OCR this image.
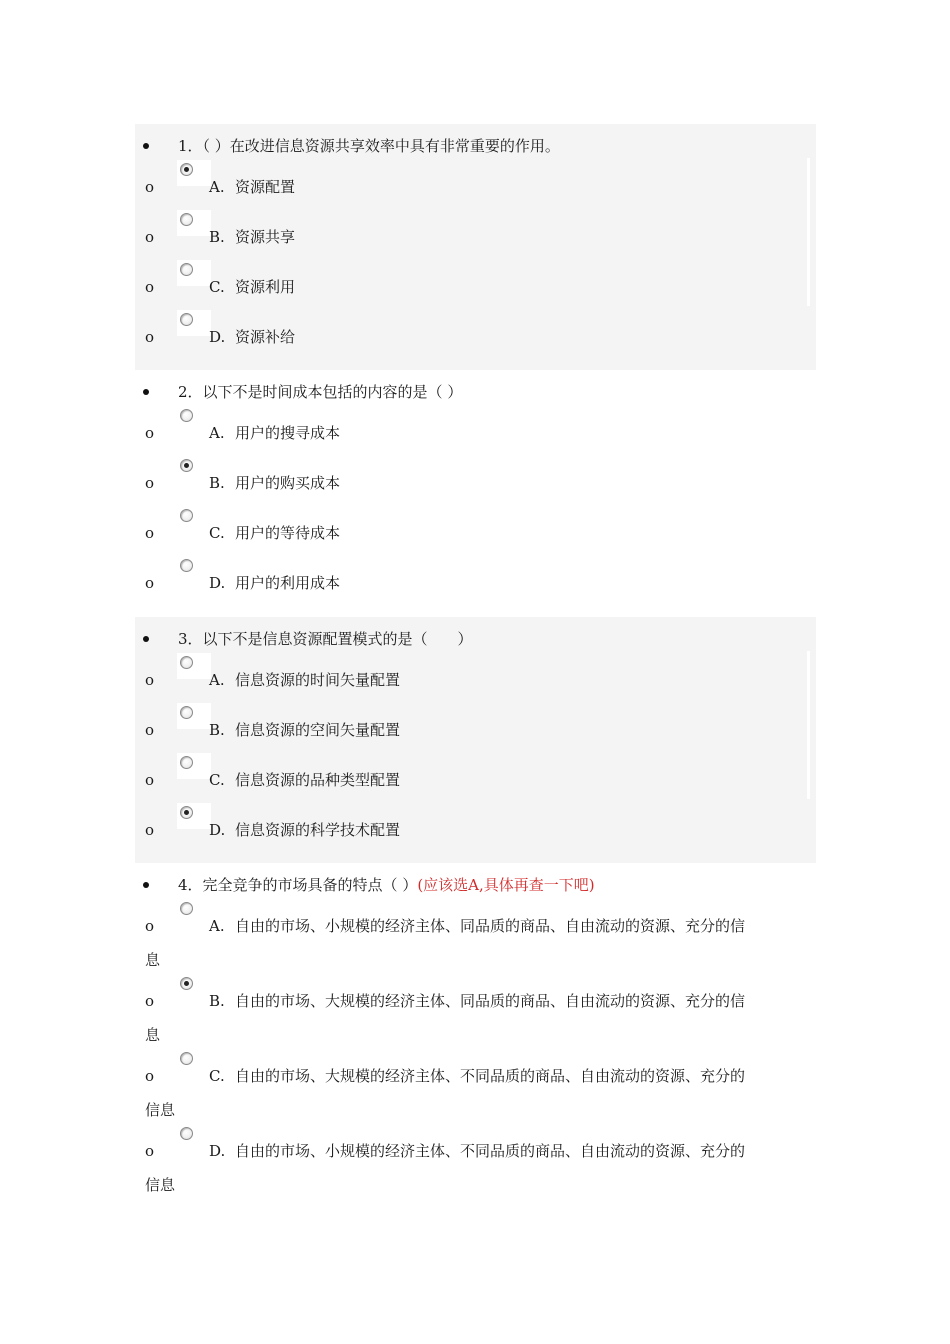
1．（ ）在改进信息资源共享效率中具有非常重要的作用。
o	A. 资源配置
o	B. 资源共享
o	C. 资源利用
o	D. 资源补给
2．以下不是时间成本包括的内容的是（ ）
o	A. 用户的搜寻成本
o	B. 用户的购买成本
o	C. 用户的等待成本
o	D. 用户的利用成本
3．以下不是信息资源配置模式的是（　　）
o	A. 信息资源的时间矢量配置
o	B. 信息资源的空间矢量配置
o	C. 信息资源的品种类型配置
o	D. 信息资源的科学技术配置
4．完全竞争的市场具备的特点（ ）(应该选A,具体再查一下吧)
o	A. 自由的市场、小规模的经济主体、同品质的商品、自由流动的资源、充分的信
息
o	B. 自由的市场、大规模的经济主体、同品质的商品、自由流动的资源、充分的信
息
o	C. 自由的市场、大规模的经济主体、不同品质的商品、自由流动的资源、充分的
信息
o	D. 自由的市场、小规模的经济主体、不同品质的商品、自由流动的资源、充分的
信息
